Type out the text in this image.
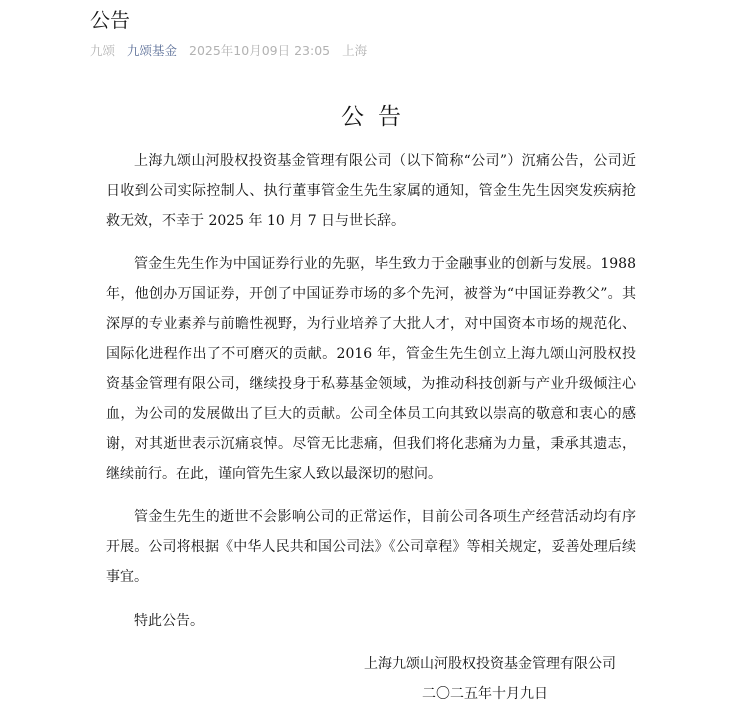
公告
九颂 九颂基金 2025年10月09日 23:05 上海
公告

上海九颂山河股权投资基金管理有限公司（以下简称“公司”）沉痛公告，公司近日收到公司实际控制人、执行董事管金生先生家属的通知，管金生先生因突发疾病抢救无效，不幸于 2025 年 10 月 7 日与世长辞。

管金生先生作为中国证券行业的先驱，毕生致力于金融事业的创新与发展。1988 年，他创办万国证券，开创了中国证券市场的多个先河，被誉为“中国证券教父”。其深厚的专业素养与前瞻性视野，为行业培养了大批人才，对中国资本市场的规范化、国际化进程作出了不可磨灭的贡献。2016 年，管金生先生创立上海九颂山河股权投资基金管理有限公司，继续投身于私募基金领域，为推动科技创新与产业升级倾注心血，为公司的发展做出了巨大的贡献。公司全体员工向其致以崇高的敬意和衷心的感谢，对其逝世表示沉痛哀悼。尽管无比悲痛，但我们将化悲痛为力量，秉承其遗志，继续前行。在此，谨向管先生家人致以最深切的慰问。

管金生先生的逝世不会影响公司的正常运作，目前公司各项生产经营活动均有序开展。公司将根据《中华人民共和国公司法》《公司章程》等相关规定，妥善处理后续事宜。

特此公告。

上海九颂山河股权投资基金管理有限公司

二〇二五年十月九日
